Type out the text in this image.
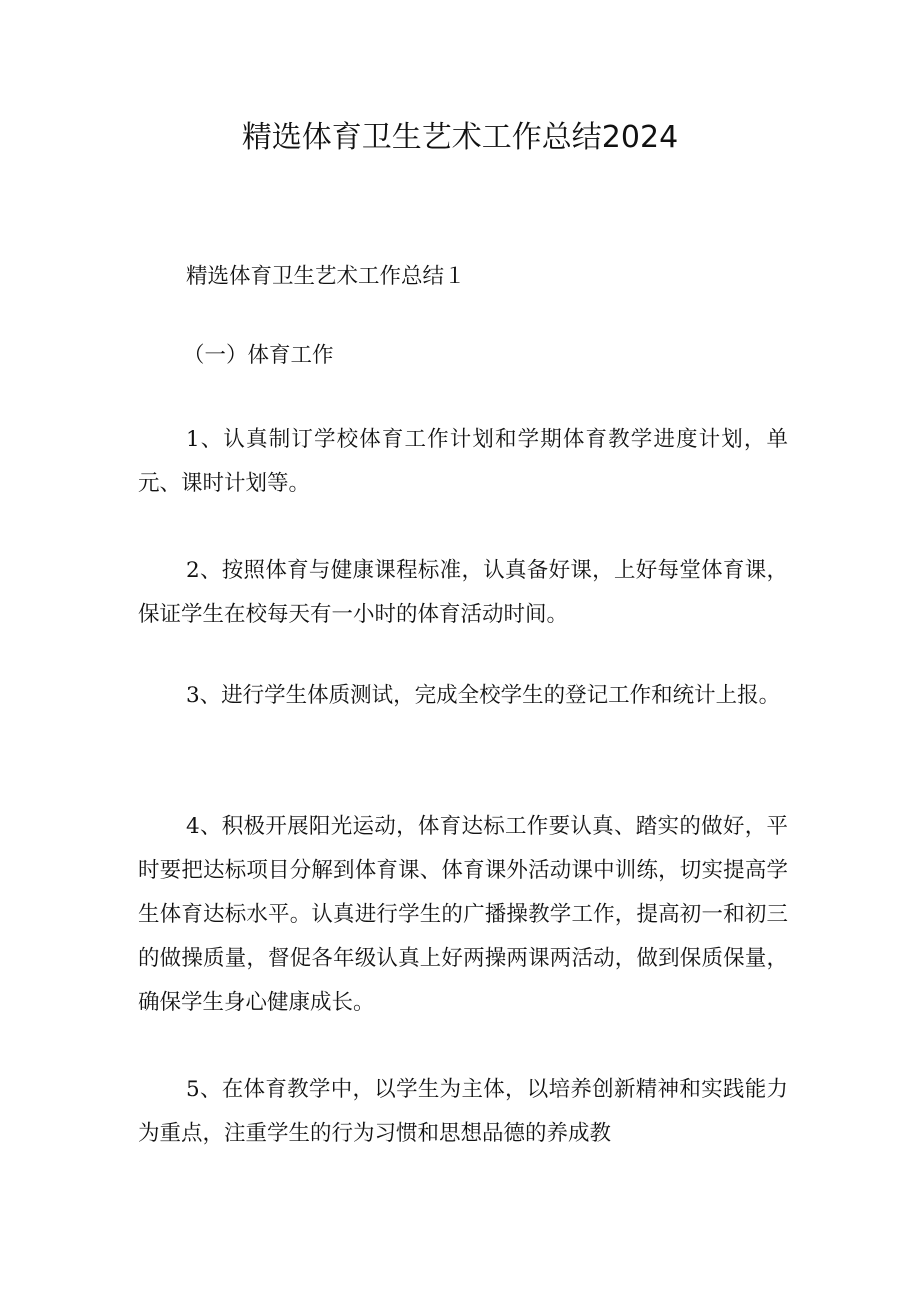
精选体育卫生艺术工作总结2024
精选体育卫生艺术工作总结１
（一）体育工作

1、认真制订学校体育工作计划和学期体育教学进度计划，单元、课时计划等。

2、按照体育与健康课程标准，认真备好课，上好每堂体育课，保证学生在校每天有一小时的体育活动时间。

3、进行学生体质测试，完成全校学生的登记工作和统计上报。

4、积极开展阳光运动，体育达标工作要认真、踏实的做好，平时要把达标项目分解到体育课、体育课外活动课中训练，切实提高学生体育达标水平。认真进行学生的广播操教学工作，提高初一和初三的做操质量，督促各年级认真上好两操两课两活动，做到保质保量，确保学生身心健康成长。

5、在体育教学中，以学生为主体，以培养创新精神和实践能力为重点，注重学生的行为习惯和思想品德的养成教
